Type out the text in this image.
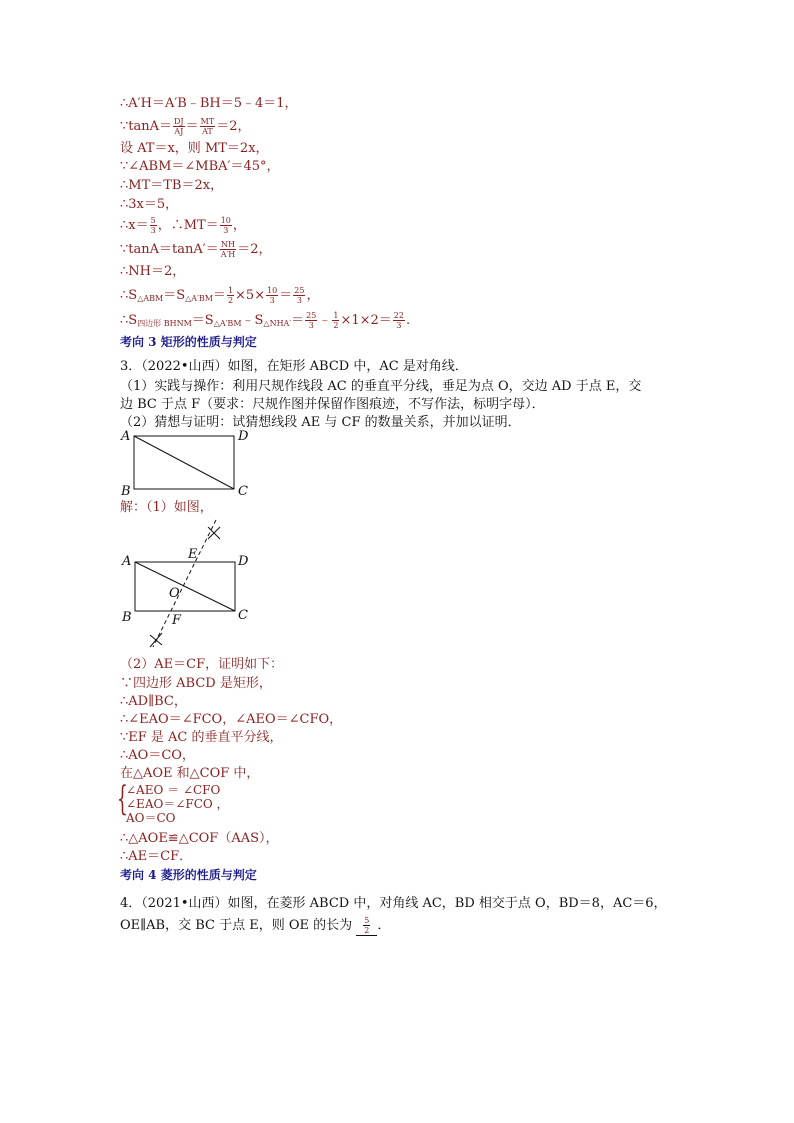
∴A′H＝A′B﹣BH＝5﹣4＝1，
∵tanA＝ $\frac{DJ}{AJ} = \frac{MT}{AT} =2$，
设 AT＝x，则 MT＝2x，
∵∠ABM＝∠MBA′＝45°，
∴MT＝TB＝2x，
∴3x＝5，
∴x＝ $\frac{5}{3}$ ，∴MT＝ $\frac{10}{3}$ ，
∵tanA＝tanA′＝ $\frac{NH}{A'H} =2$，
∴NH＝2，
$\therefore S_{\triangle ABM}=S_{\triangle A'BM}= \frac{1}{2} \times 5\times \frac{10}{3} = \frac{25}{3}$ ，
$\therefore S_{四边形 BHNM}=S_{\triangle A'BM}﹣S_{\triangle NHA'}= \frac{25}{3}$ ﹣ $\frac{1}{2} \times 1\times 2= \frac{22}{3}$ .
考向 3 矩形的性质与判定
3．（2022•山西）如图，在矩形 ABCD 中，AC 是对角线．
（1）实践与操作：利用尺规作线段 AC 的垂直平分线，垂足为点 O，交边 AD 于点 E，交
边 BC 于点 F（要求：尺规作图并保留作图痕迹，不写作法，标明字母）．
（2）猜想与证明：试猜想线段 AE 与 CF 的数量关系，并加以证明．
A	D
B	C
解：（1）如图，
A	D
B	C
E
O
F
（2）AE＝CF，证明如下：
∵四边形 ABCD 是矩形，
∴AD∥BC，
∴∠EAO＝∠FCO，∠AEO＝∠CFO，
∵EF 是 AC 的垂直平分线，
∴AO＝CO，
在△AOE 和△COF 中，
{
∠AEO ＝ ∠CFO
∠EAO＝∠FCO ，
AO＝CO
∴△AOE≌△COF（AAS），
∴AE＝CF．
考向 4 菱形的性质与判定
4．（2021•山西）如图，在菱形 ABCD 中，对角线 AC，BD 相交于点 O，BD＝8，AC＝6，
OE∥AB，交 BC 于点 E，则 OE 的长为 $\frac{5}{2}$ ．
